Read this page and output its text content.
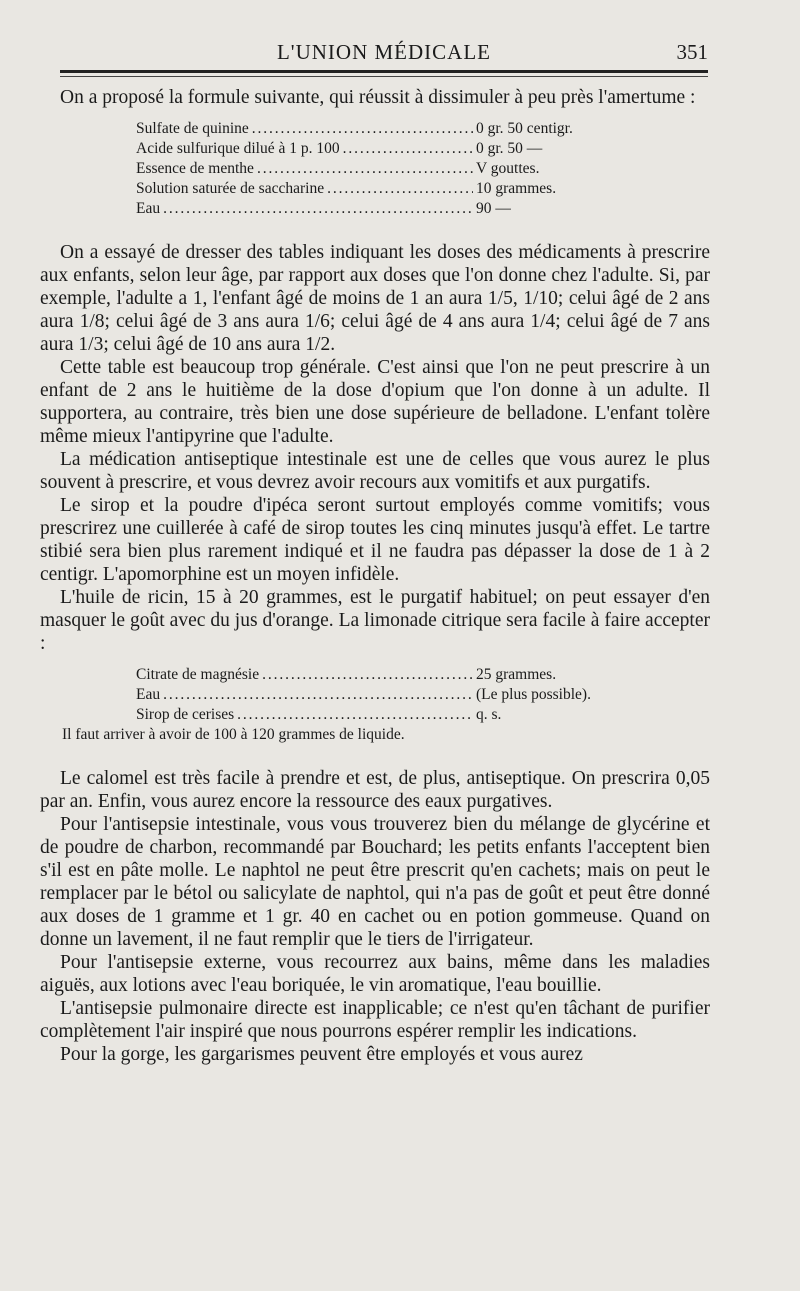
L'UNION MÉDICALE	351

On a proposé la formule suivante, qui réussit à dissimuler à peu près l'amertume :

Sulfate de quinine . . .	0 gr. 50 centigr.
Acide sulfurique dilué à 1 p. 100 . . .	0 gr. 50 —
Essence de menthe . . .	V gouttes.
Solution saturée de saccharine . . .	10 grammes.
Eau . . .	90 —

On a essayé de dresser des tables indiquant les doses des médicaments à prescrire aux enfants, selon leur âge, par rapport aux doses que l'on donne chez l'adulte. Si, par exemple, l'adulte a 1, l'enfant âgé de moins de 1 an aura 1/5, 1/10; celui âgé de 2 ans aura 1/8; celui âgé de 3 ans aura 1/6; celui âgé de 4 ans aura 1/4; celui âgé de 7 ans aura 1/3; celui âgé de 10 ans aura 1/2.

Cette table est beaucoup trop générale. C'est ainsi que l'on ne peut prescrire à un enfant de 2 ans le huitième de la dose d'opium que l'on donne à un adulte. Il supportera, au contraire, très bien une dose supérieure de belladone. L'enfant tolère même mieux l'antipyrine que l'adulte.

La médication antiseptique intestinale est une de celles que vous aurez le plus souvent à prescrire, et vous devrez avoir recours aux vomitifs et aux purgatifs.

Le sirop et la poudre d'ipéca seront surtout employés comme vomitifs; vous prescrirez une cuillerée à café de sirop toutes les cinq minutes jusqu'à effet. Le tartre stibié sera bien plus rarement indiqué et il ne faudra pas dépasser la dose de 1 à 2 centigr. L'apomorphine est un moyen infidèle.

L'huile de ricin, 15 à 20 grammes, est le purgatif habituel; on peut essayer d'en masquer le goût avec du jus d'orange. La limonade citrique sera facile à faire accepter :

Citrate de magnésie . . .	25 grammes.
Eau . . .	(Le plus possible).
Sirop de cerises . . .	q. s.
Il faut arriver à avoir de 100 à 120 grammes de liquide.

Le calomel est très facile à prendre et est, de plus, antiseptique. On prescrira 0,05 par an. Enfin, vous aurez encore la ressource des eaux purgatives.

Pour l'antisepsie intestinale, vous vous trouverez bien du mélange de glycérine et de poudre de charbon, recommandé par Bouchard; les petits enfants l'acceptent bien s'il est en pâte molle. Le naphtol ne peut être prescrit qu'en cachets; mais on peut le remplacer par le bétol ou salicylate de naphtol, qui n'a pas de goût et peut être donné aux doses de 1 gramme et 1 gr. 40 en cachet ou en potion gommeuse. Quand on donne un lavement, il ne faut remplir que le tiers de l'irrigateur.

Pour l'antisepsie externe, vous recourrez aux bains, même dans les maladies aiguës, aux lotions avec l'eau boriquée, le vin aromatique, l'eau bouillie.

L'antisepsie pulmonaire directe est inapplicable; ce n'est qu'en tâchant de purifier complètement l'air inspiré que nous pourrons espérer remplir les indications.

Pour la gorge, les gargarismes peuvent être employés et vous aurez
